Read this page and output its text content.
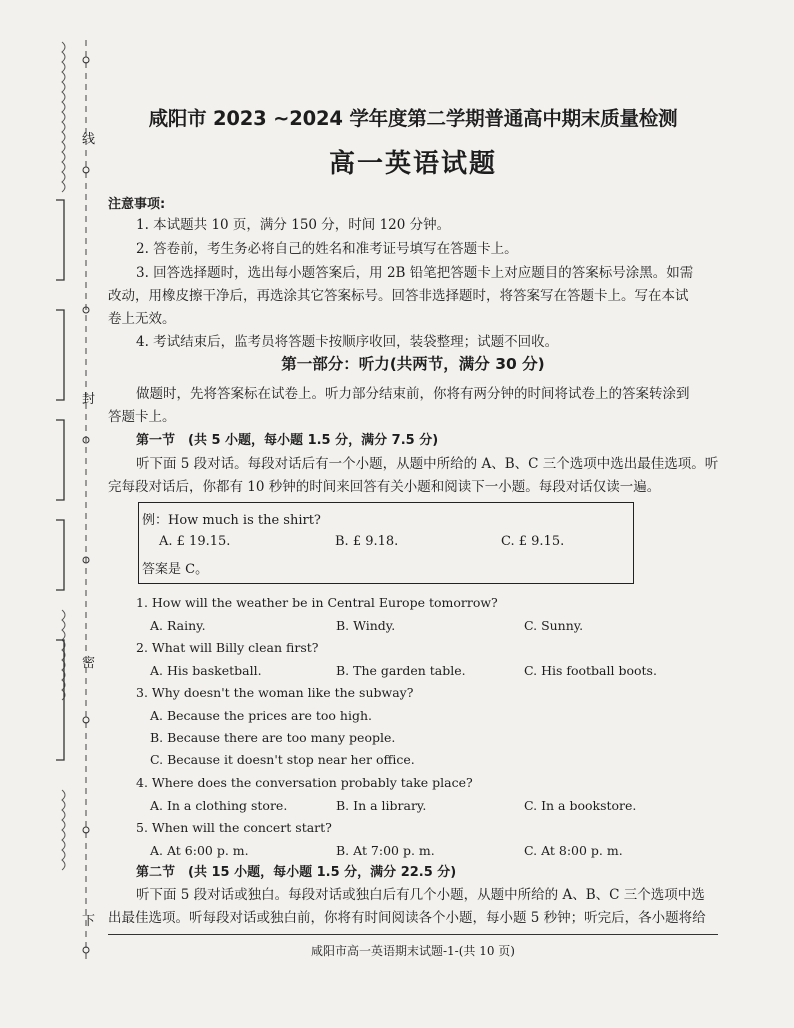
线
封
密
下
咸阳市 2023 ~2024 学年度第二学期普通高中期末质量检测
高一英语试题
注意事项:
1. 本试题共 10 页，满分 150 分，时间 120 分钟。
2. 答卷前，考生务必将自己的姓名和准考证号填写在答题卡上。
3. 回答选择题时，选出每小题答案后，用 2B 铅笔把答题卡上对应题目的答案标号涂黑。如需
改动，用橡皮擦干净后，再选涂其它答案标号。回答非选择题时，将答案写在答题卡上。写在本试
卷上无效。
4. 考试结束后，监考员将答题卡按顺序收回，装袋整理；试题不回收。
第一部分：听力(共两节，满分 30 分)
做题时，先将答案标在试卷上。听力部分结束前，你将有两分钟的时间将试卷上的答案转涂到
答题卡上。
第一节　(共 5 小题，每小题 1.5 分，满分 7.5 分)
听下面 5 段对话。每段对话后有一个小题，从题中所给的 A、B、C 三个选项中选出最佳选项。听
完每段对话后，你都有 10 秒钟的时间来回答有关小题和阅读下一小题。每段对话仅读一遍。
例：How much is the shirt?
A. £ 19.15.	B. £ 9.18.	C. £ 9.15.
答案是 C。
1. How will the weather be in Central Europe tomorrow?
A. Rainy.	B. Windy.	C. Sunny.
2. What will Billy clean first?
A. His basketball.	B. The garden table.	C. His football boots.
3. Why doesn't the woman like the subway?
A. Because the prices are too high.
B. Because there are too many people.
C. Because it doesn't stop near her office.
4. Where does the conversation probably take place?
A. In a clothing store.	B. In a library.	C. In a bookstore.
5. When will the concert start?
A. At 6:00 p. m.	B. At 7:00 p. m.	C. At 8:00 p. m.
第二节　(共 15 小题，每小题 1.5 分，满分 22.5 分)
听下面 5 段对话或独白。每段对话或独白后有几个小题，从题中所给的 A、B、C 三个选项中选
出最佳选项。听每段对话或独白前，你将有时间阅读各个小题，每小题 5 秒钟；听完后，各小题将给
咸阳市高一英语期末试题-1-(共 10 页)
